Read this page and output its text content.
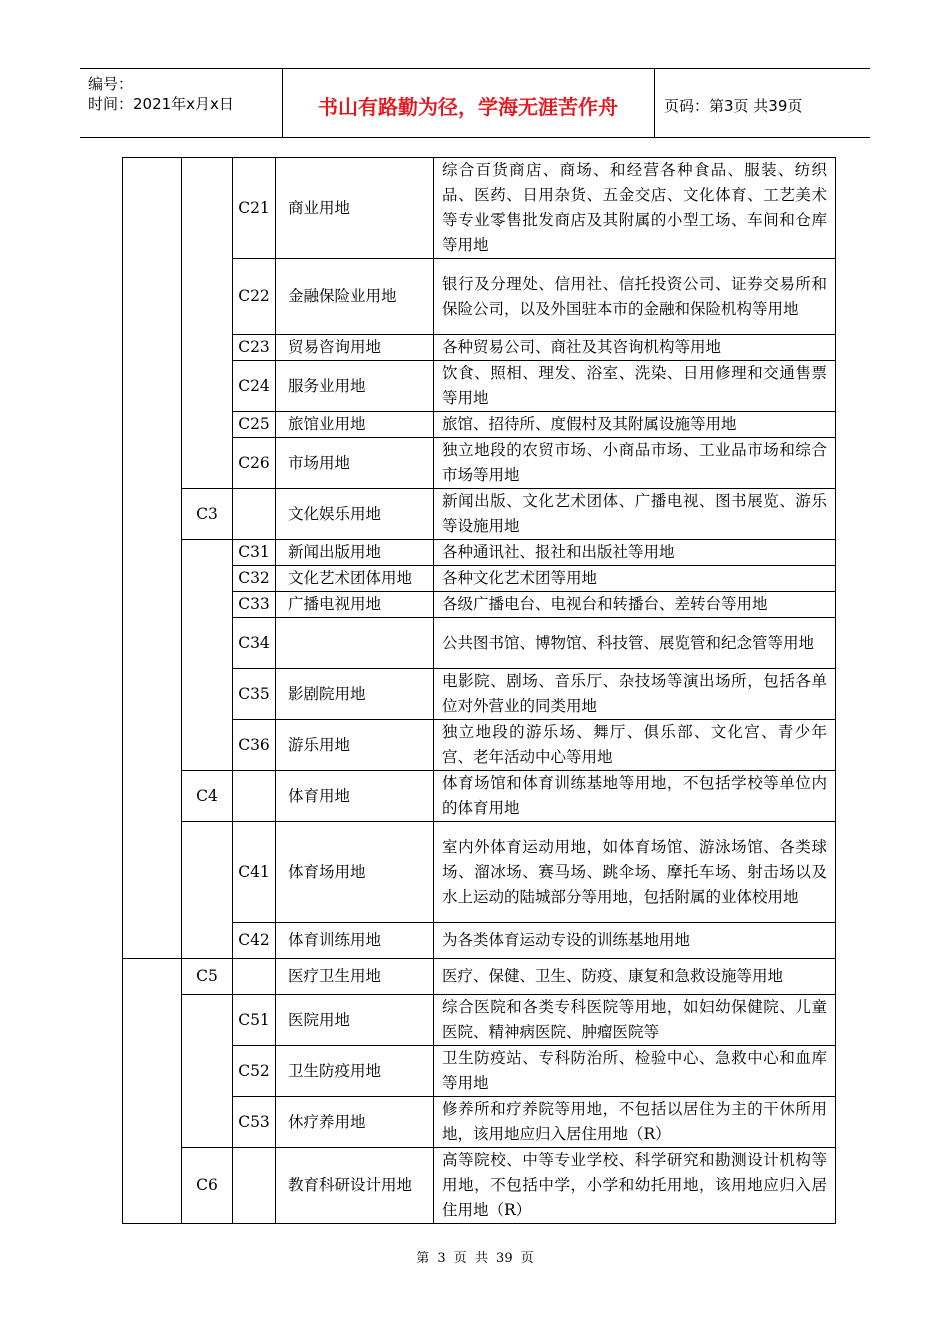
编号：
时间：2021年x月x日	书山有路勤为径，学海无涯苦作舟	页码：第3页 共39页
		C21	商业用地	综合百货商店、商场、和经营各种食品、服装、纺织品、医药、日用杂货、五金交店、文化体育、工艺美术等专业零售批发商店及其附属的小型工场、车间和仓库等用地
		C22	金融保险业用地	银行及分理处、信用社、信托投资公司、证券交易所和保险公司，以及外国驻本市的金融和保险机构等用地
		C23	贸易咨询用地	各种贸易公司、商社及其咨询机构等用地
		C24	服务业用地	饮食、照相、理发、浴室、洗染、日用修理和交通售票等用地
		C25	旅馆业用地	旅馆、招待所、度假村及其附属设施等用地
		C26	市场用地	独立地段的农贸市场、小商品市场、工业品市场和综合市场等用地
	C3		文化娱乐用地	新闻出版、文化艺术团体、广播电视、图书展览、游乐等设施用地
		C31	新闻出版用地	各种通讯社、报社和出版社等用地
		C32	文化艺术团体用地	各种文化艺术团等用地
		C33	广播电视用地	各级广播电台、电视台和转播台、差转台等用地
		C34		公共图书馆、博物馆、科技管、展览管和纪念管等用地
		C35	影剧院用地	电影院、剧场、音乐厅、杂技场等演出场所，包括各单位对外营业的同类用地
		C36	游乐用地	独立地段的游乐场、舞厅、俱乐部、文化宫、青少年宫、老年活动中心等用地
	C4		体育用地	体育场馆和体育训练基地等用地，不包括学校等单位内的体育用地
		C41	体育场用地	室内外体育运动用地，如体育场馆、游泳场馆、各类球场、溜冰场、赛马场、跳伞场、摩托车场、射击场以及水上运动的陆城部分等用地，包括附属的业体校用地
		C42	体育训练用地	为各类体育运动专设的训练基地用地
	C5		医疗卫生用地	医疗、保健、卫生、防疫、康复和急救设施等用地
		C51	医院用地	综合医院和各类专科医院等用地，如妇幼保健院、儿童医院、精神病医院、肿瘤医院等
		C52	卫生防疫用地	卫生防疫站、专科防治所、检验中心、急救中心和血库等用地
		C53	休疗养用地	修养所和疗养院等用地，不包括以居住为主的干休所用地，该用地应归入居住用地（R）
	C6		教育科研设计用地	高等院校、中等专业学校、科学研究和勘测设计机构等用地，不包括中学，小学和幼托用地，该用地应归入居住用地（R）
第 3 页 共 39 页
